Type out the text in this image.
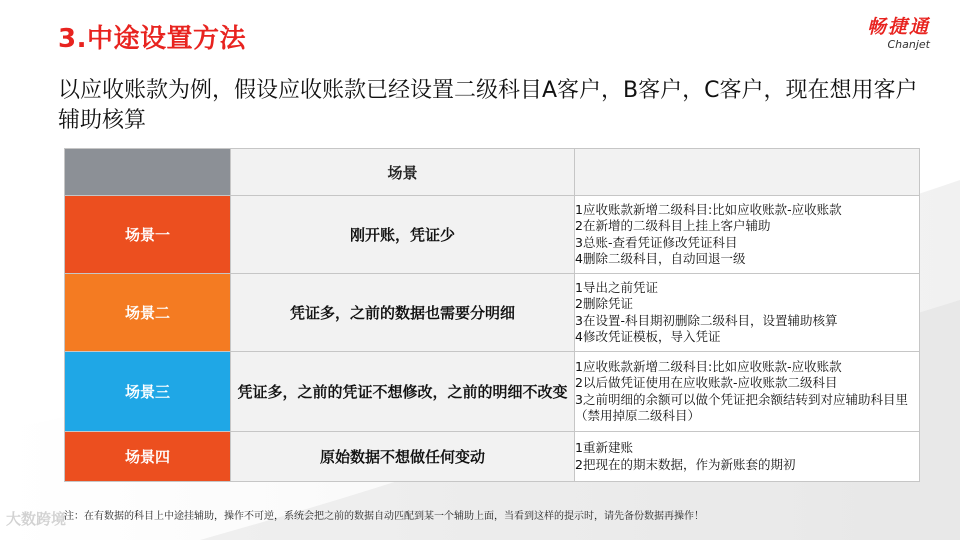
3.中途设置方法	畅捷通
Chanjet
以应收账款为例，假设应收账款已经设置二级科目A客户，B客户，C客户，现在想用客户辅助核算
	场景	
场景一	刚开账，凭证少	1应收账款新增二级科目:比如应收账款-应收账款
2在新增的二级科目上挂上客户辅助
3总账-查看凭证修改凭证科目
4删除二级科目，自动回退一级

场景二	凭证多，之前的数据也需要分明细	1导出之前凭证
2删除凭证
3在设置-科目期初删除二级科目，设置辅助核算
4修改凭证模板，导入凭证

场景三	凭证多，之前的凭证不想修改，之前的明细不改变	1应收账款新增二级科目:比如应收账款-应收账款
2以后做凭证使用在应收账款-应收账款二级科目
3之前明细的余额可以做个凭证把余额结转到对应辅助科目里（禁用掉原二级科目）

场景四	原始数据不想做任何变动	1重新建账
2把现在的期末数据，作为新账套的期初
大数跨境
注：在有数据的科目上中途挂辅助，操作不可逆，系统会把之前的数据自动匹配到某一个辅助上面，当看到这样的提示时，请先备份数据再操作！
